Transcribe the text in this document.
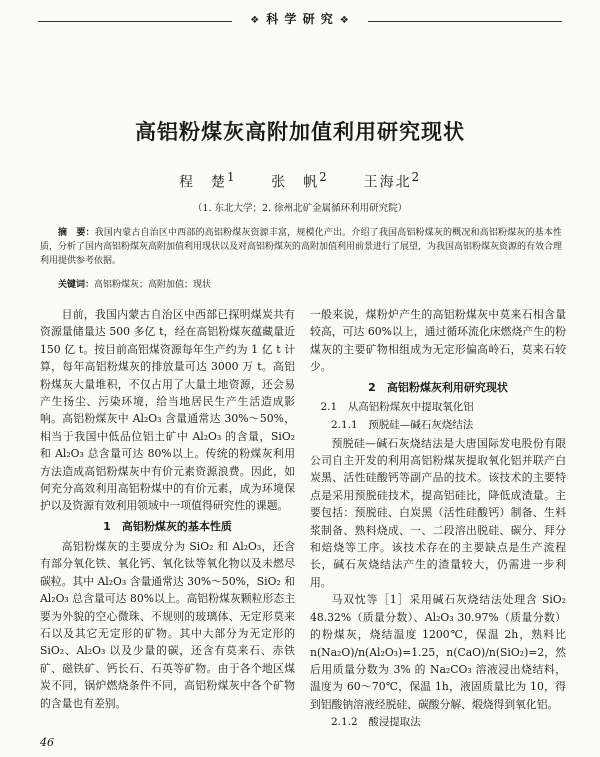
❖ 科 学 研 究 ❖
高铝粉煤灰高附加值利用研究现状
程　楚$^1$ 张　帆$^2$ 王海北$^2$
（1. 东北大学；2. 徐州北矿金属循环利用研究院）
摘　要：我国内蒙古自治区中西部的高铝粉煤灰资源丰富，规模化产出。介绍了我国高铝粉煤灰的概况和高铝粉煤灰的基本性质，分析了国内高铝粉煤灰高附加值利用现状以及对高铝粉煤灰的高附加值利用前景进行了展望，为我国高铝粉煤灰资源的有效合理利用提供参考依据。
关键词：高铝粉煤灰；高附加值；现状

目前，我国内蒙古自治区中西部已探明煤炭共有资源量储量达 500 多亿 t，经在高铝粉煤灰蕴藏量近 150 亿 t。按目前高铝煤资源每年生产约为 1 亿 t 计算，每年高铝粉煤灰的排放量可达 3000 万 t。高铝粉煤灰大量堆积，不仅占用了大量土地资源，还会易产生扬尘、污染环境，给当地居民生产生活造成影响。高铝粉煤灰中 Al₂O₃ 含量通常达 30%～50%，相当于我国中低品位铝土矿中 Al₂O₃ 的含量，SiO₂ 和 Al₂O₃ 总含量可达 80%以上。传统的粉煤灰利用方法造成高铝粉煤灰中有价元素资源浪费。因此，如何充分高效利用高铝粉煤中的有价元素，成为环境保护以及资源有效利用领域中一项值得研究性的课题。

1　高铝粉煤灰的基本性质

高铝粉煤灰的主要成分为 SiO₂ 和 Al₂O₃，还含有部分氧化铁、氧化钙、氧化钛等氧化物以及未燃尽碳粒。其中 Al₂O₃ 含量通常达 30%～50%，SiO₂ 和 Al₂O₃ 总含量可达 80%以上。高铝粉煤灰颗粒形态主要为外貌的空心微珠、不规则的玻璃体、无定形莫来石以及其它无定形的矿物。其中大部分为无定形的 SiO₂、Al₂O₃ 以及少量的碳，还含有莫来石、赤铁矿、磁铁矿、钙长石、石英等矿物。由于各个地区煤炭不同，锅炉燃烧条件不同，高铝粉煤灰中各个矿物的含量也有差别。

一般来说，煤粉炉产生的高铝粉煤灰中莫来石相含量较高，可达 60%以上，通过循环流化床燃烧产生的粉煤灰的主要矿物相组成为无定形偏高岭石，莫来石较少。

2　高铝粉煤灰利用研究现状
2.1　从高铝粉煤灰中提取氧化铝
2.1.1　预脱硅—碱石灰烧结法

预脱硅—碱石灰烧结法是大唐国际发电股份有限公司自主开发的利用高铝粉煤灰提取氧化铝并联产白炭黑、活性硅酸钙等副产品的技术。该技术的主要特点是采用预脱硅技术，提高铝硅比，降低成渣量。主要包括：预脱硅、白炭黑（活性硅酸钙）制备、生料浆制备、熟料烧成、一、二段溶出脱硅、碳分、拜分和焙烧等工序。该技术存在的主要缺点是生产流程长，碱石灰烧结法产生的渣量较大，仍需进一步利用。

马双忱等［1］采用碱石灰烧结法处理含 SiO₂ 48.32%（质量分数）、Al₂O₃ 30.97%（质量分数）的粉煤灰，烧结温度 1200℃，保温 2h，熟料比 n(Na₂O)/n(Al₂O₃)=1.25，n(CaO)/n(SiO₂)=2，然后用质量分数为 3% 的 Na₂CO₃ 溶液浸出烧结料，温度为 60～70℃，保温 1h，液固质量比为 10，得到铝酸钠溶液经脱硅、碳酸分解、煅烧得到氧化铝。

2.1.2　酸浸提取法
46
